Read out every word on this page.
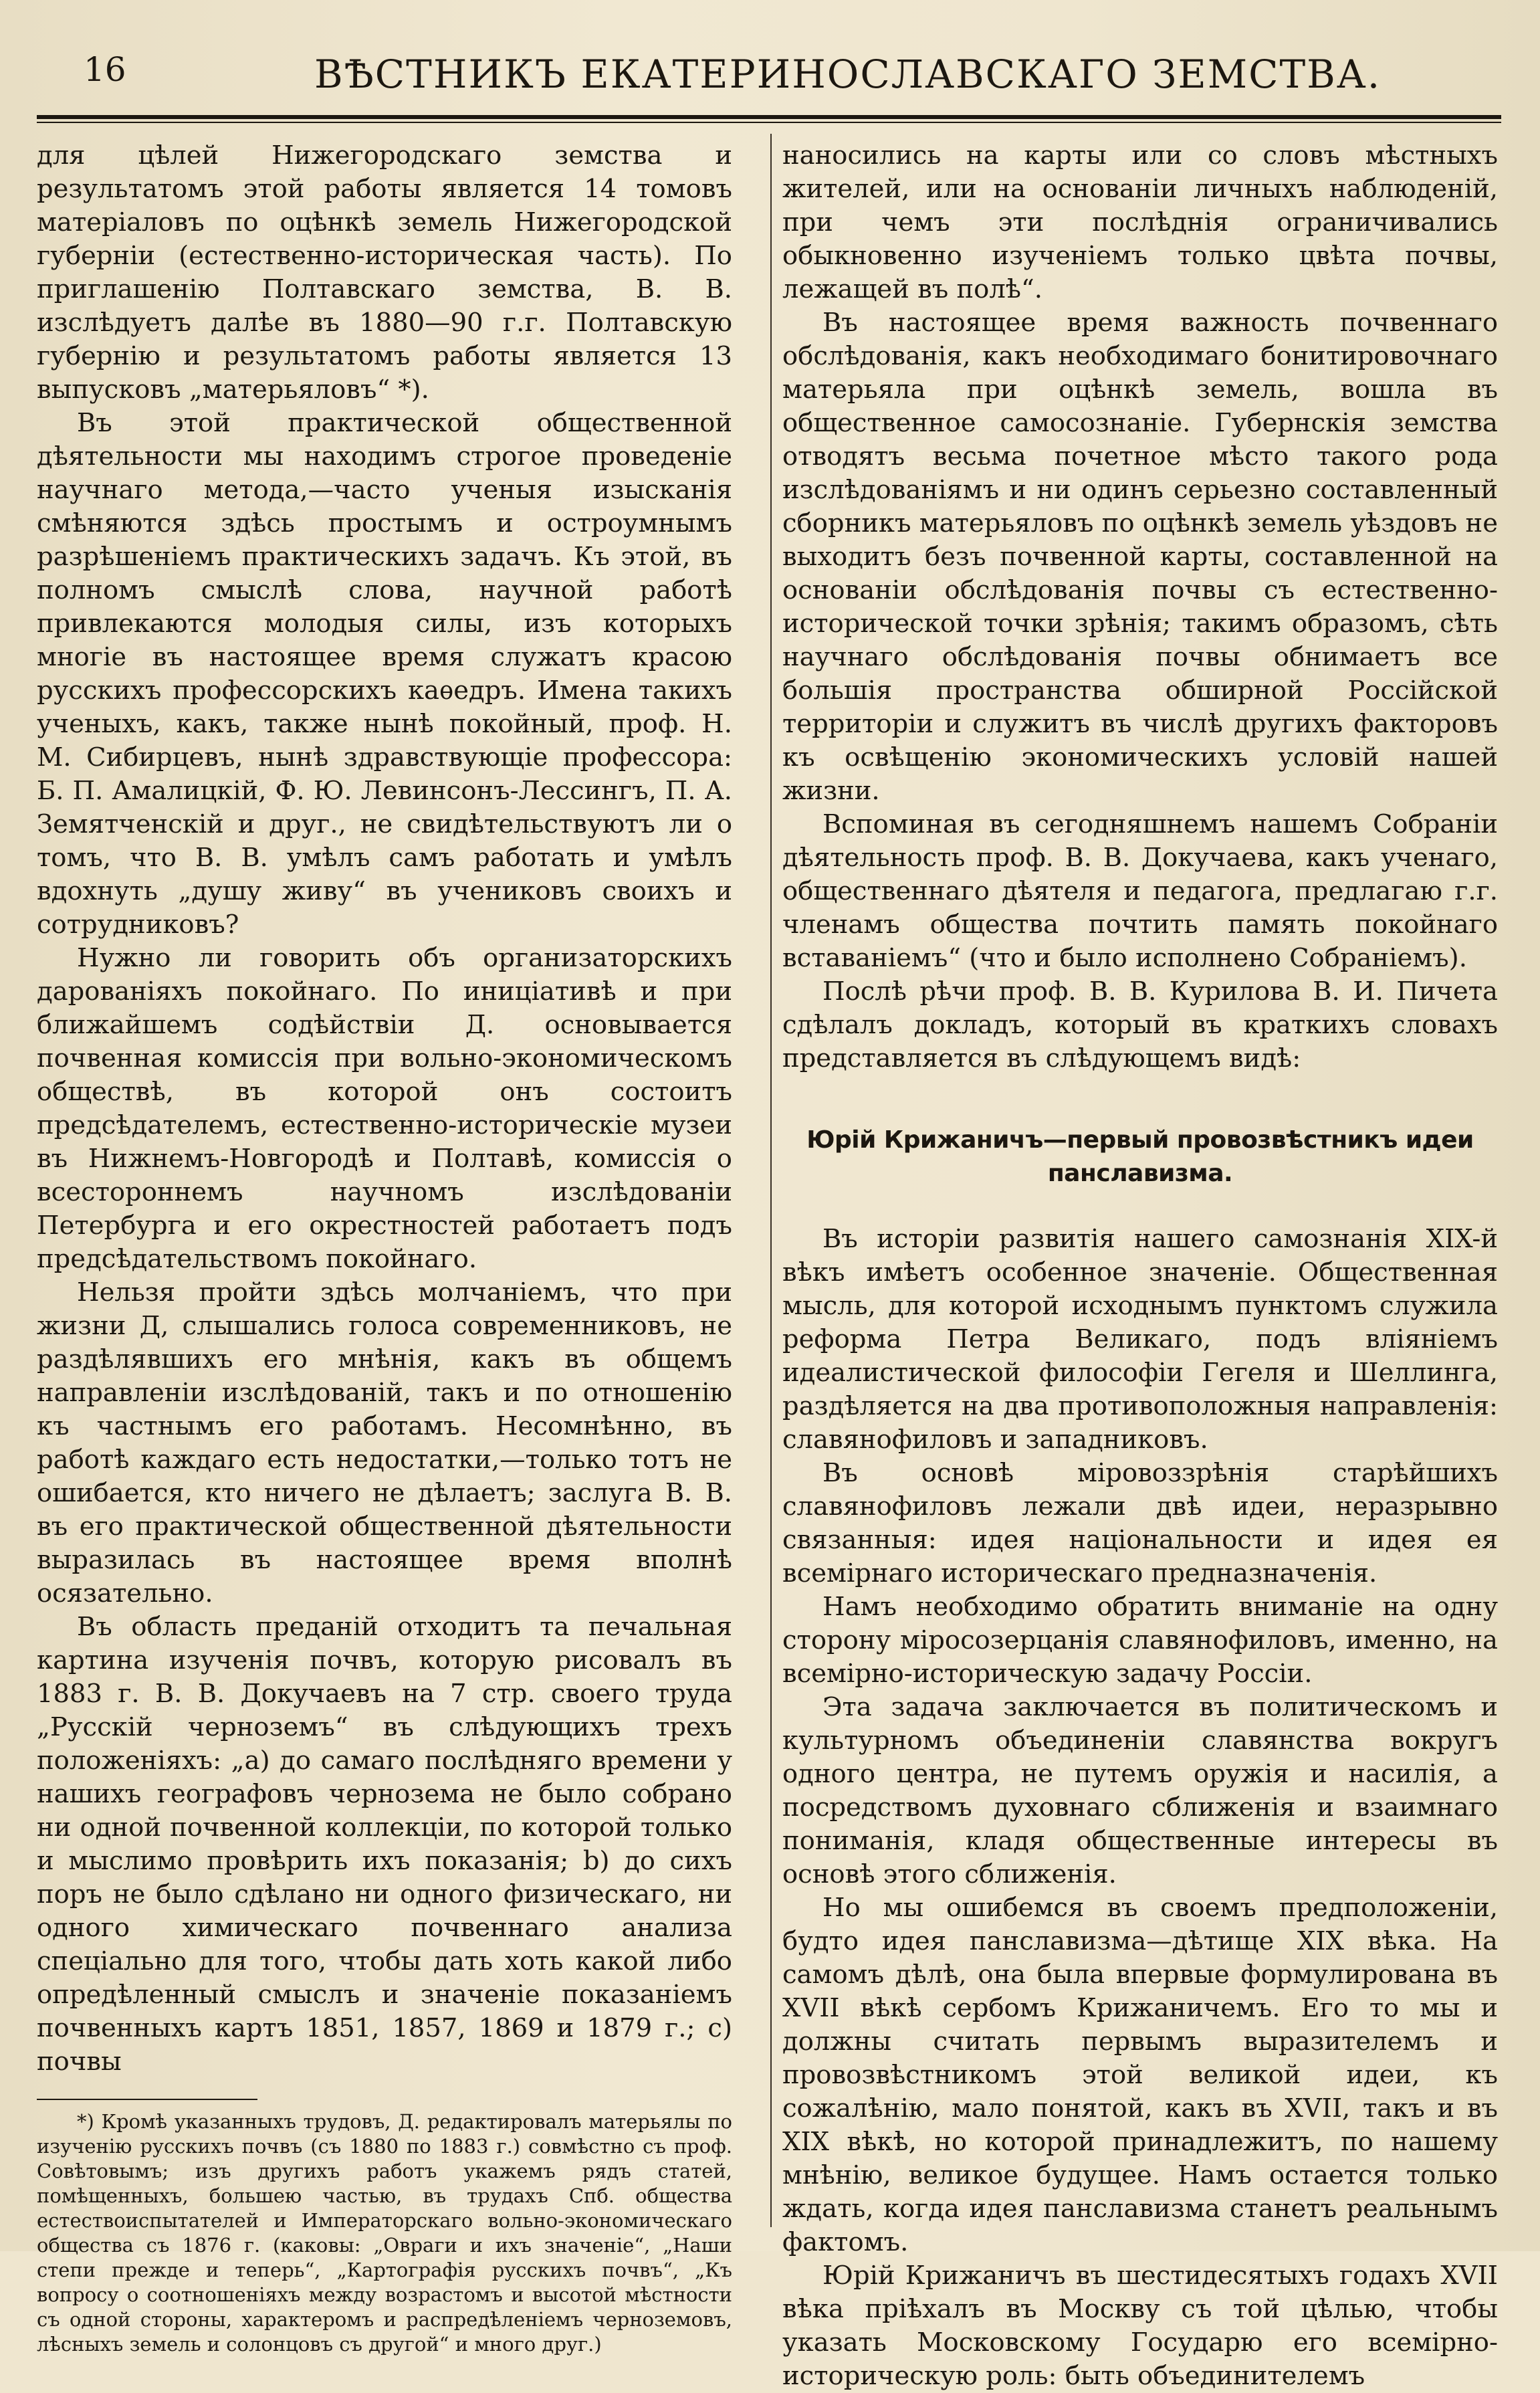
16	ВѢСТНИКЪ ЕКАТЕРИНОСЛАВСКАГО ЗЕМСТВА.

для цѣлей Нижегородскаго земства и результатомъ этой работы является 14 томовъ матеріаловъ по оцѣнкѣ земель Нижегородской губерніи (естественно-историческая часть). По приглашенію Полтавскаго земства, В. В. изслѣдуетъ далѣе въ 1880—90 г.г. Полтавскую губернію и результатомъ работы является 13 выпусковъ „матерьяловъ“ *).

Въ этой практической общественной дѣятельности мы находимъ строгое проведеніе научнаго метода,—часто ученыя изысканія смѣняются здѣсь простымъ и остроумнымъ разрѣшеніемъ практическихъ задачъ. Къ этой, въ полномъ смыслѣ слова, научной работѣ привлекаются молодыя силы, изъ которыхъ многіе въ настоящее время служатъ красою русскихъ профессорскихъ каѳедръ. Имена такихъ ученыхъ, какъ, также нынѣ покойный, проф. Н. М. Сибирцевъ, нынѣ здравствующіе профессора: Б. П. Амалицкій, Ф. Ю. Левинсонъ-Лессингъ, П. А. Земятченскій и друг., не свидѣтельствуютъ ли о томъ, что В. В. умѣлъ самъ работать и умѣлъ вдохнуть „душу живу“ въ учениковъ своихъ и сотрудниковъ?

Нужно ли говорить объ организаторскихъ дарованіяхъ покойнаго. По иниціативѣ и при ближайшемъ содѣйствіи Д. основывается почвенная комиссія при вольно-экономическомъ обществѣ, въ которой онъ состоитъ предсѣдателемъ, естественно-историческіе музеи въ Нижнемъ-Новгородѣ и Полтавѣ, комиссія о всестороннемъ научномъ изслѣдованіи Петербурга и его окрестностей работаетъ подъ предсѣдательствомъ покойнаго.

Нельзя пройти здѣсь молчаніемъ, что при жизни Д, слышались голоса современниковъ, не раздѣлявшихъ его мнѣнія, какъ въ общемъ направленіи изслѣдованій, такъ и по отношенію къ частнымъ его работамъ. Несомнѣнно, въ работѣ каждаго есть недостатки,—только тотъ не ошибается, кто ничего не дѣлаетъ; заслуга В. В. въ его практической общественной дѣятельности выразилась въ настоящее время вполнѣ осязательно.

Въ область преданій отходитъ та печальная картина изученія почвъ, которую рисовалъ въ 1883 г. В. В. Докучаевъ на 7 стр. своего труда „Русскій черноземъ“ въ слѣдующихъ трехъ положеніяхъ: „а) до самаго послѣдняго времени у нашихъ географовъ чернозема не было собрано ни одной почвенной коллекціи, по которой только и мыслимо провѣрить ихъ показанія; b) до сихъ поръ не было сдѣлано ни одного физическаго, ни одного химическаго почвеннаго анализа спеціально для того, чтобы дать хоть какой либо опредѣленный смыслъ и значеніе показаніемъ почвенныхъ картъ 1851, 1857, 1869 и 1879 г.; с) почвы

*) Кромѣ указанныхъ трудовъ, Д. редактировалъ матерьялы по изученію русскихъ почвъ (съ 1880 по 1883 г.) совмѣстно съ проф. Совѣтовымъ; изъ другихъ работъ укажемъ рядъ статей, помѣщенныхъ, большею частью, въ трудахъ Спб. общества естествоиспытателей и Императорскаго вольно-экономическаго общества съ 1876 г. (каковы: „Овраги и ихъ значеніе“, „Наши степи прежде и теперь“, „Картографія русскихъ почвъ“, „Къ вопросу о соотношеніяхъ между возрастомъ и высотой мѣстности съ одной стороны, характеромъ и распредѣленіемъ черноземовъ, лѣсныхъ земель и солонцовъ съ другой“ и много друг.)

наносились на карты или со словъ мѣстныхъ жителей, или на основаніи личныхъ наблюденій, при чемъ эти послѣднія ограничивались обыкновенно изученіемъ только цвѣта почвы, лежащей въ полѣ“.

Въ настоящее время важность почвеннаго обслѣдованія, какъ необходимаго бонитировочнаго матерьяла при оцѣнкѣ земель, вошла въ общественное самосознаніе. Губернскія земства отводятъ весьма почетное мѣсто такого рода изслѣдованіямъ и ни одинъ серьезно составленный сборникъ матерьяловъ по оцѣнкѣ земель уѣздовъ не выходитъ безъ почвенной карты, составленной на основаніи обслѣдованія почвы съ естественно-исторической точки зрѣнія; такимъ образомъ, сѣть научнаго обслѣдованія почвы обнимаетъ все большія пространства обширной Россійской территоріи и служитъ въ числѣ другихъ факторовъ къ освѣщенію экономическихъ условій нашей жизни.

Вспоминая въ сегодняшнемъ нашемъ Собраніи дѣятельность проф. В. В. Докучаева, какъ ученаго, общественнаго дѣятеля и педагога, предлагаю г.г. членамъ общества почтить память покойнаго вставаніемъ“ (что и было исполнено Собраніемъ).

Послѣ рѣчи проф. В. В. Курилова В. И. Пичета сдѣлалъ докладъ, который въ краткихъ словахъ представляется въ слѣдующемъ видѣ:

Юрій Крижаничъ—первый провозвѣстникъ идеи панславизма.

Въ исторіи развитія нашего самознанія XIX-й вѣкъ имѣетъ особенное значеніе. Общественная мысль, для которой исходнымъ пунктомъ служила реформа Петра Великаго, подъ вліяніемъ идеалистической философіи Гегеля и Шеллинга, раздѣляется на два противоположныя направленія: славянофиловъ и западниковъ.

Въ основѣ міровоззрѣнія старѣйшихъ славянофиловъ лежали двѣ идеи, неразрывно связанныя: идея національности и идея ея всемірнаго историческаго предназначенія.

Намъ необходимо обратить вниманіе на одну сторону міросозерцанія славянофиловъ, именно, на всемірно-историческую задачу Россіи.

Эта задача заключается въ политическомъ и культурномъ объединеніи славянства вокругъ одного центра, не путемъ оружія и насилія, а посредствомъ духовнаго сближенія и взаимнаго пониманія, кладя общественные интересы въ основѣ этого сближенія.

Но мы ошибемся въ своемъ предположеніи, будто идея панславизма—дѣтище XIX вѣка. На самомъ дѣлѣ, она была впервые формулирована въ XVII вѣкѣ сербомъ Крижаничемъ. Его то мы и должны считать первымъ выразителемъ и провозвѣстникомъ этой великой идеи, къ сожалѣнію, мало понятой, какъ въ XVII, такъ и въ XIX вѣкѣ, но которой принадлежитъ, по нашему мнѣнію, великое будущее. Намъ остается только ждать, когда идея панславизма станетъ реальнымъ фактомъ.

Юрій Крижаничъ въ шестидесятыхъ годахъ XVII вѣка пріѣхалъ въ Москву съ той цѣлью, чтобы указать Московскому Государю его всемірно-историческую роль: быть объединителемъ
